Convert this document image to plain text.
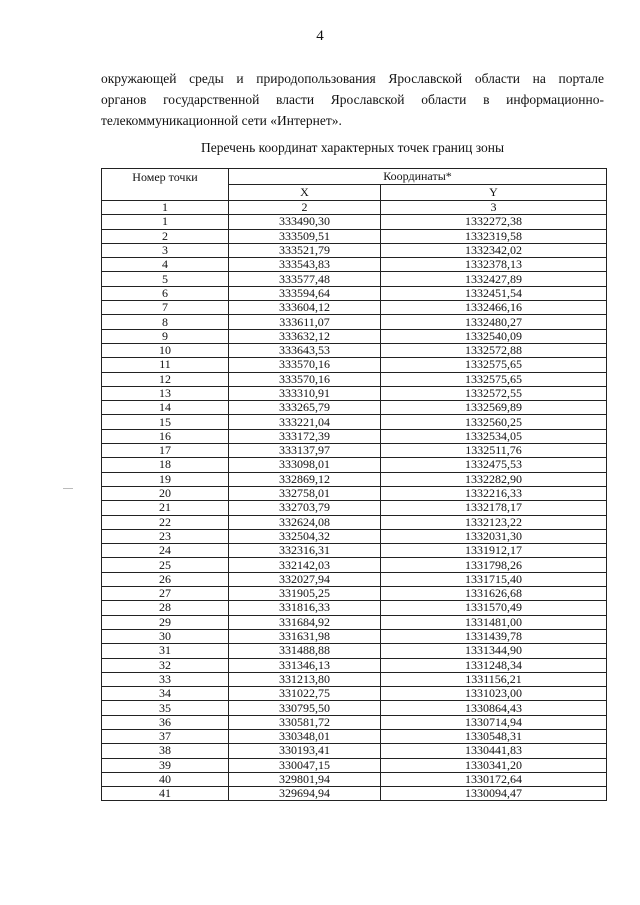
4
окружающей среды и природопользования Ярославской области на портале
органов государственной власти Ярославской области в информационно-
телекоммуникационной сети «Интернет».
Перечень координат характерных точек границ зоны
Номер точки	Координаты*	
	X	Y
1	2	3
1	333490,30	1332272,38
2	333509,51	1332319,58
3	333521,79	1332342,02
4	333543,83	1332378,13
5	333577,48	1332427,89
6	333594,64	1332451,54
7	333604,12	1332466,16
8	333611,07	1332480,27
9	333632,12	1332540,09
10	333643,53	1332572,88
11	333570,16	1332575,65
12	333570,16	1332575,65
13	333310,91	1332572,55
14	333265,79	1332569,89
15	333221,04	1332560,25
16	333172,39	1332534,05
17	333137,97	1332511,76
18	333098,01	1332475,53
19	332869,12	1332282,90
20	332758,01	1332216,33
21	332703,79	1332178,17
22	332624,08	1332123,22
23	332504,32	1332031,30
24	332316,31	1331912,17
25	332142,03	1331798,26
26	332027,94	1331715,40
27	331905,25	1331626,68
28	331816,33	1331570,49
29	331684,92	1331481,00
30	331631,98	1331439,78
31	331488,88	1331344,90
32	331346,13	1331248,34
33	331213,80	1331156,21
34	331022,75	1331023,00
35	330795,50	1330864,43
36	330581,72	1330714,94
37	330348,01	1330548,31
38	330193,41	1330441,83
39	330047,15	1330341,20
40	329801,94	1330172,64
41	329694,94	1330094,47
